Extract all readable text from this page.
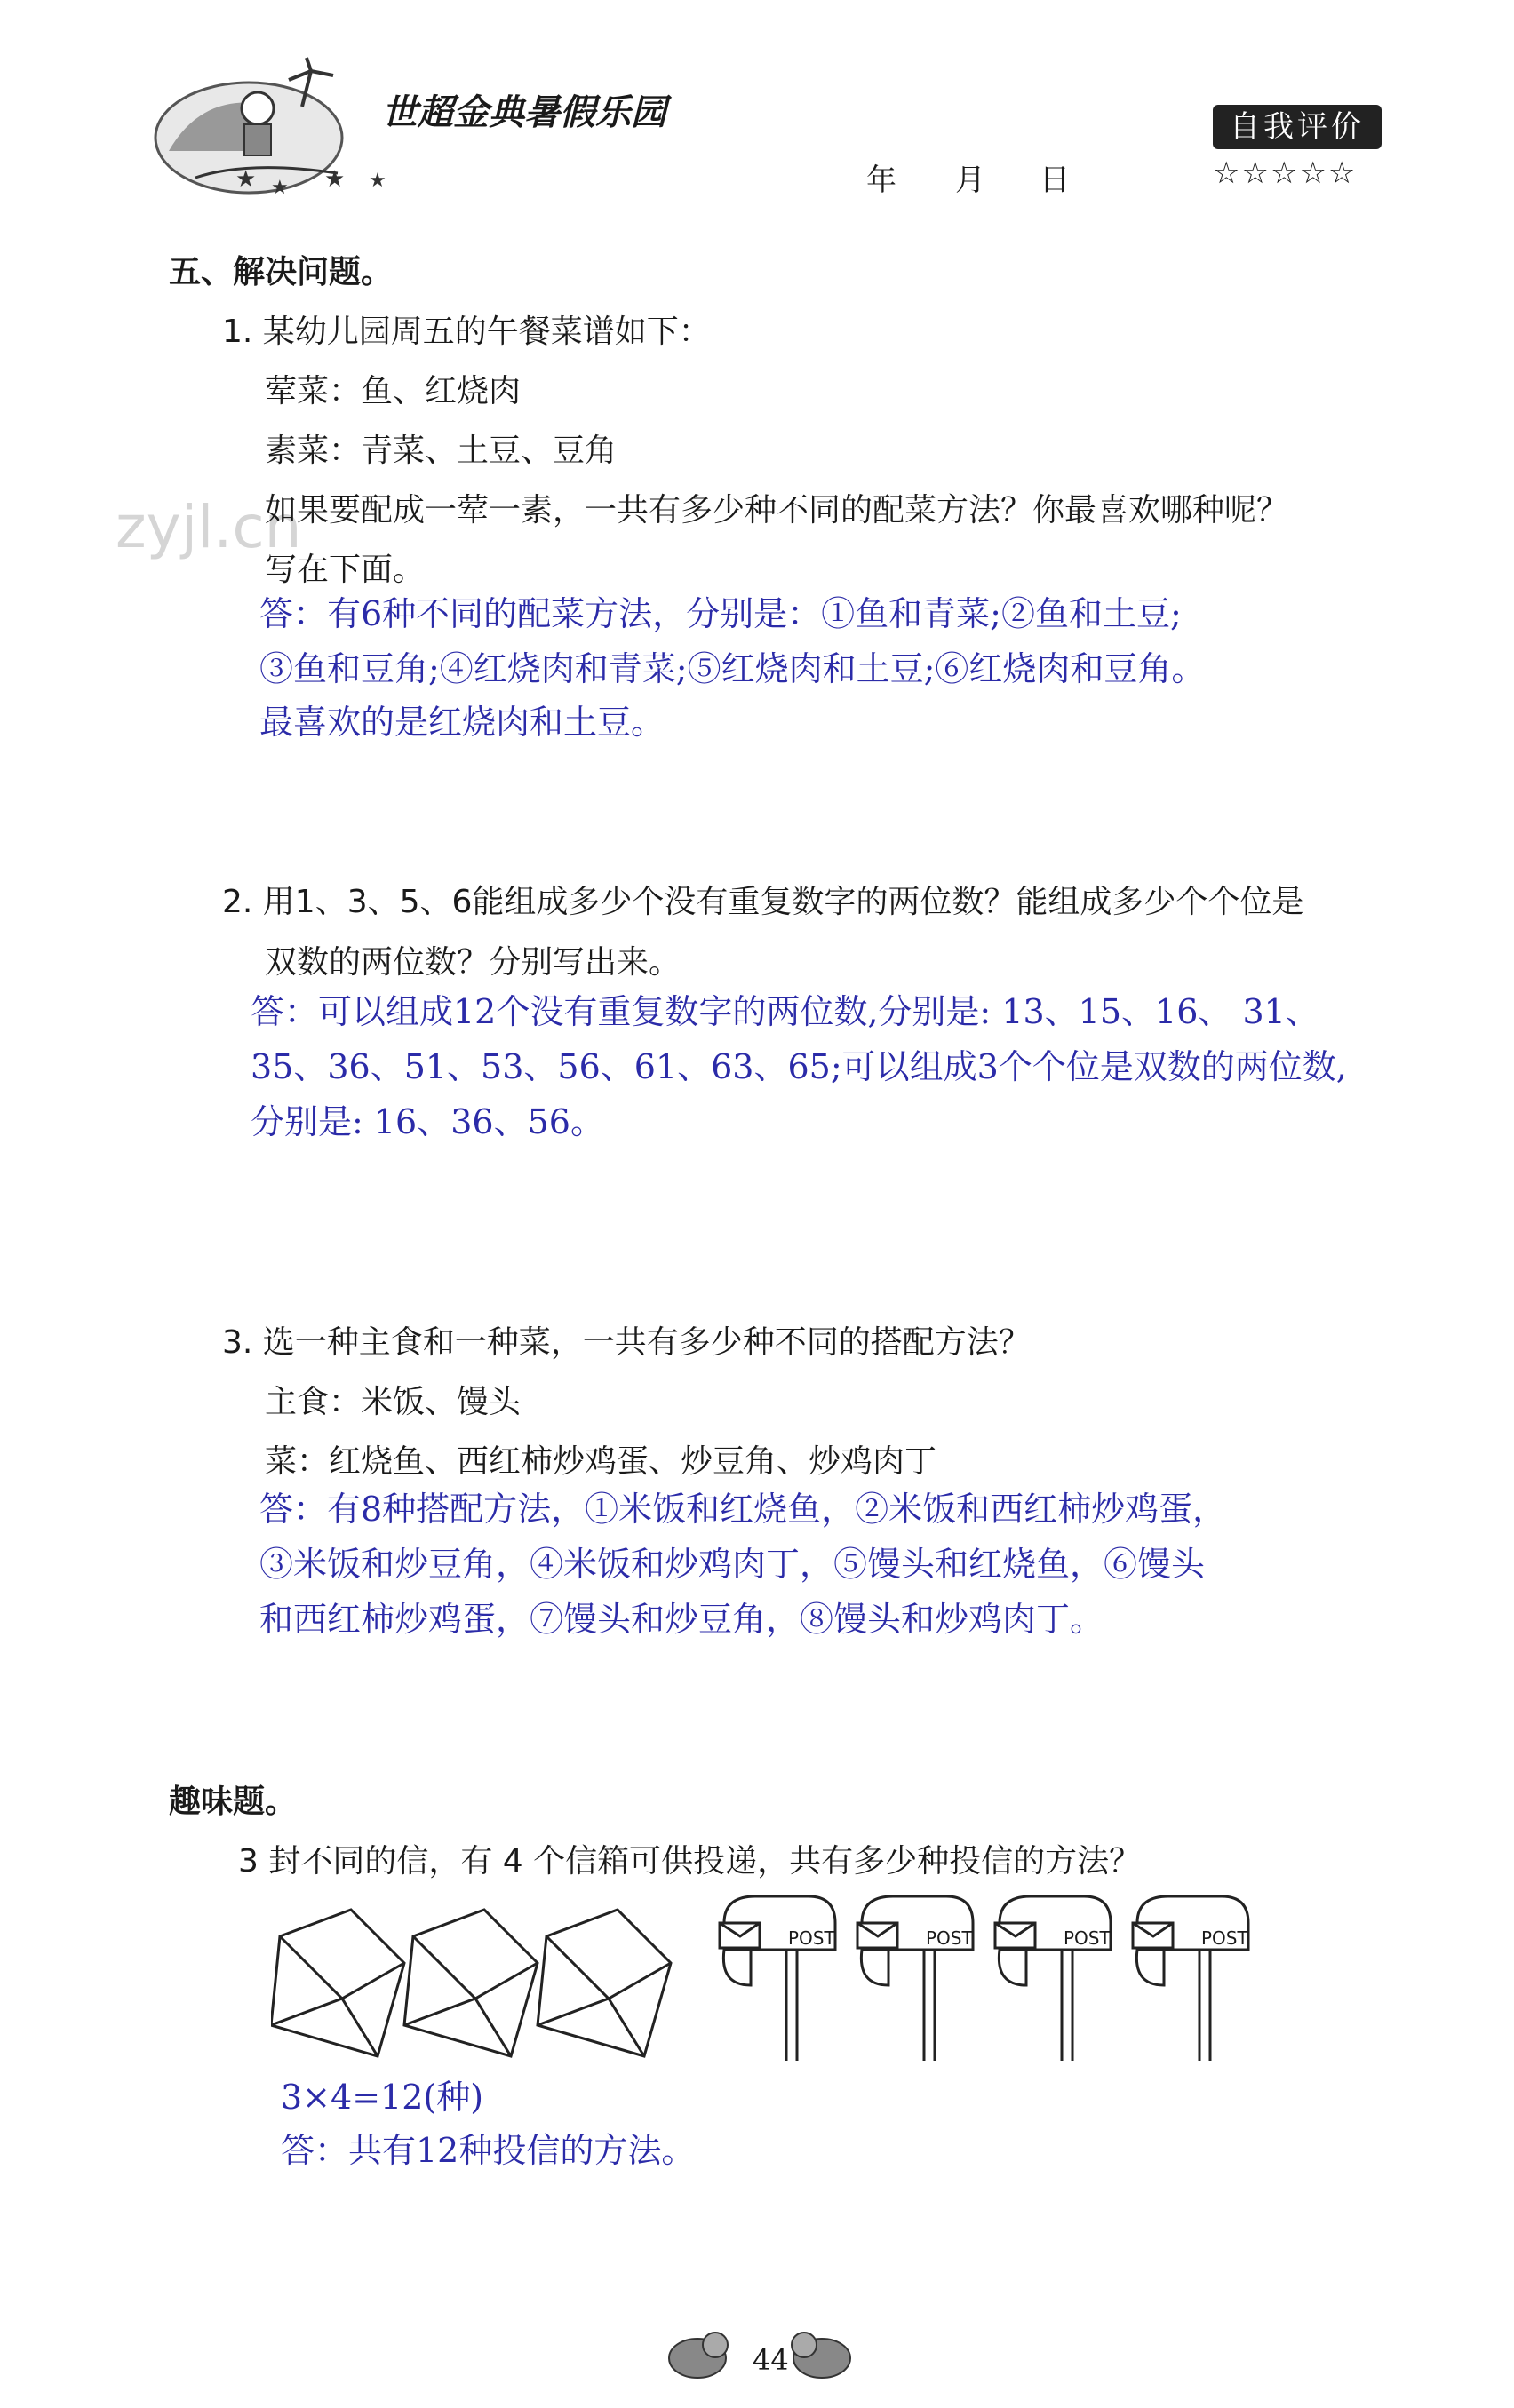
★ ★ ★ ★
世超金典暑假乐园
年 月 日
自我评价
☆☆☆☆☆
zyjl.cn
五、解决问题。
1. 某幼儿园周五的午餐菜谱如下：
荤菜：鱼、红烧肉
素菜：青菜、土豆、豆角
如果要配成一荤一素，一共有多少种不同的配菜方法？你最喜欢哪种呢？
写在下面。
答：有6种不同的配菜方法，分别是：①鱼和青菜;②鱼和土豆;
③鱼和豆角;④红烧肉和青菜;⑤红烧肉和土豆;⑥红烧肉和豆角。
最喜欢的是红烧肉和土豆。
2. 用1、3、5、6能组成多少个没有重复数字的两位数？能组成多少个个位是
双数的两位数？分别写出来。
答：可以组成12个没有重复数字的两位数,分别是: 13、15、16、 31、
35、36、51、53、56、61、63、65;可以组成3个个位是双数的两位数,
分别是: 16、36、56。
3. 选一种主食和一种菜，一共有多少种不同的搭配方法？
主食：米饭、馒头
菜：红烧鱼、西红柿炒鸡蛋、炒豆角、炒鸡肉丁
答：有8种搭配方法，①米饭和红烧鱼，②米饭和西红柿炒鸡蛋，
③米饭和炒豆角，④米饭和炒鸡肉丁，⑤馒头和红烧鱼，⑥馒头
和西红柿炒鸡蛋，⑦馒头和炒豆角，⑧馒头和炒鸡肉丁。
趣味题。
3 封不同的信，有 4 个信箱可供投递，共有多少种投信的方法？
POST	POST	POST	POST
3×4=12(种)
答：共有12种投信的方法。
44
